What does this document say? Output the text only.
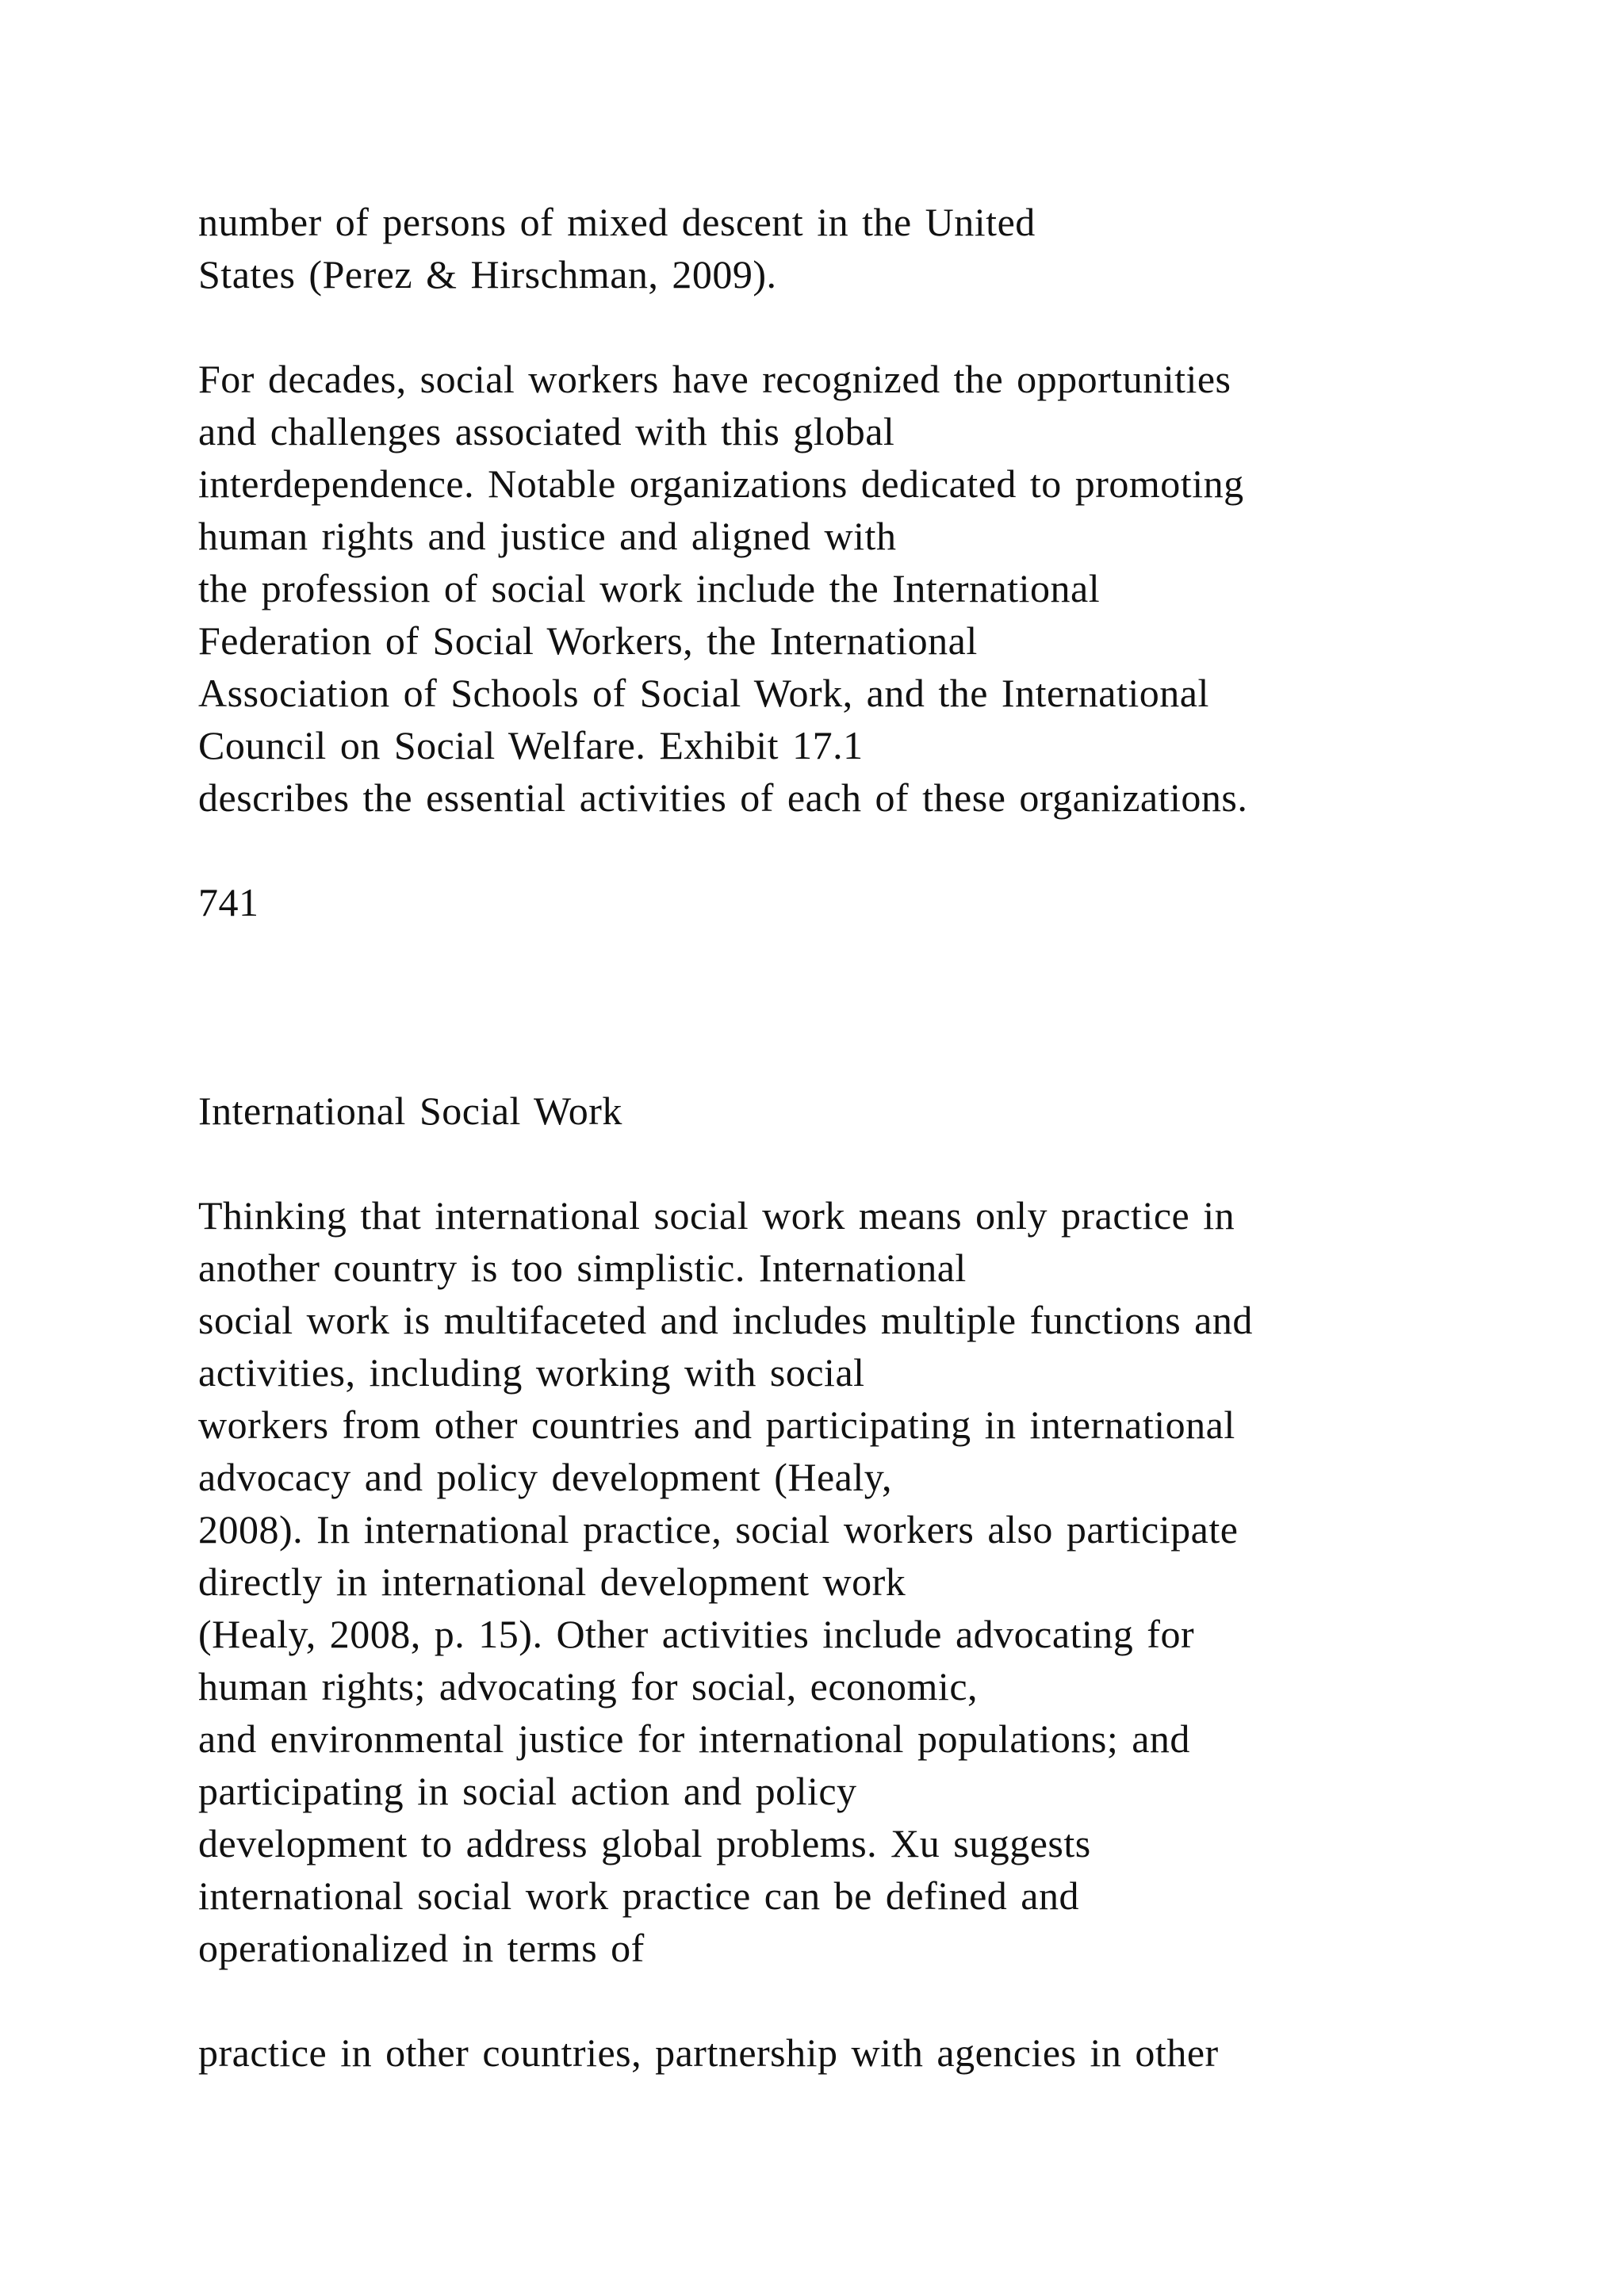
number of persons of mixed descent in the United
States (Perez & Hirschman, 2009).
For decades, social workers have recognized the opportunities
and challenges associated with this global
interdependence. Notable organizations dedicated to promoting
human rights and justice and aligned with
the profession of social work include the International
Federation of Social Workers, the International
Association of Schools of Social Work, and the International
Council on Social Welfare. Exhibit 17.1
describes the essential activities of each of these organizations.
741
International Social Work
Thinking that international social work means only practice in
another country is too simplistic. International
social work is multifaceted and includes multiple functions and
activities, including working with social
workers from other countries and participating in international
advocacy and policy development (Healy,
2008). In international practice, social workers also participate
directly in international development work
(Healy, 2008, p. 15). Other activities include advocating for
human rights; advocating for social, economic,
and environmental justice for international populations; and
participating in social action and policy
development to address global problems. Xu suggests
international social work practice can be defined and
operationalized in terms of
practice in other countries, partnership with agencies in other
